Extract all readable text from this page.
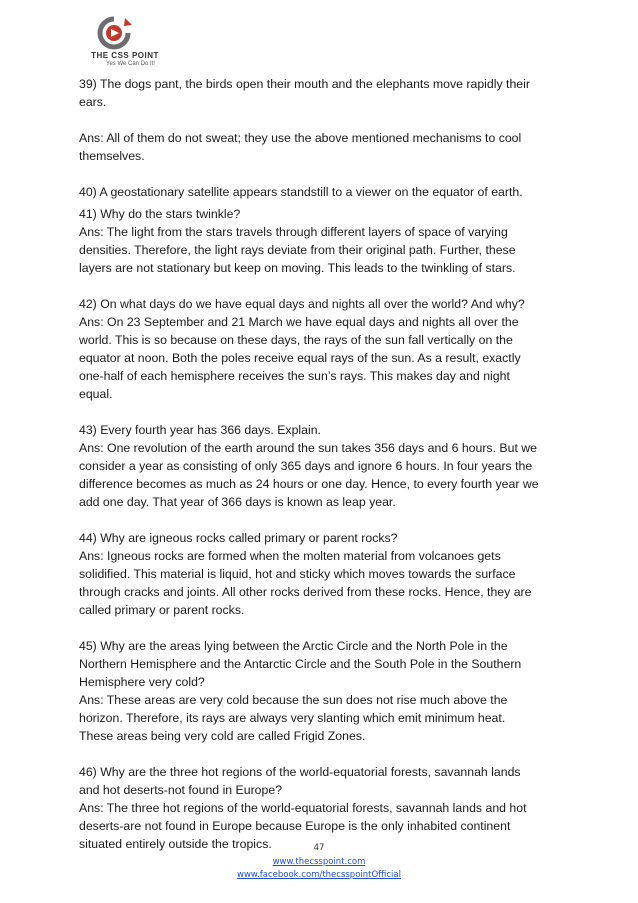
THE CSS POINT
Yes We Can Do It!
39) The dogs pant, the birds open their mouth and the elephants move rapidly their
ears.
Ans: All of them do not sweat; they use the above mentioned mechanisms to cool
themselves.
40) A geostationary satellite appears standstill to a viewer on the equator of earth.
41) Why do the stars twinkle?
Ans: The light from the stars travels through different layers of space of varying
densities. Therefore, the light rays deviate from their original path. Further, these
layers are not stationary but keep on moving. This leads to the twinkling of stars.
42) On what days do we have equal days and nights all over the world? And why?
Ans: On 23 September and 21 March we have equal days and nights all over the
world. This is so because on these days, the rays of the sun fall vertically on the
equator at noon. Both the poles receive equal rays of the sun. As a result, exactly
one-half of each hemisphere receives the sun’s rays. This makes day and night
equal.
43) Every fourth year has 366 days. Explain.
Ans: One revolution of the earth around the sun takes 356 days and 6 hours. But we
consider a year as consisting of only 365 days and ignore 6 hours. In four years the
difference becomes as much as 24 hours or one day. Hence, to every fourth year we
add one day. That year of 366 days is known as leap year.
44) Why are igneous rocks called primary or parent rocks?
Ans: Igneous rocks are formed when the molten material from volcanoes gets
solidified. This material is liquid, hot and sticky which moves towards the surface
through cracks and joints. All other rocks derived from these rocks. Hence, they are
called primary or parent rocks.
45) Why are the areas lying between the Arctic Circle and the North Pole in the
Northern Hemisphere and the Antarctic Circle and the South Pole in the Southern
Hemisphere very cold?
Ans: These areas are very cold because the sun does not rise much above the
horizon. Therefore, its rays are always very slanting which emit minimum heat.
These areas being very cold are called Frigid Zones.
46) Why are the three hot regions of the world-equatorial forests, savannah lands
and hot deserts-not found in Europe?
Ans: The three hot regions of the world-equatorial forests, savannah lands and hot
deserts-are not found in Europe because Europe is the only inhabited continent
situated entirely outside the tropics.	47
www.thecsspoint.com
www.facebook.com/thecsspointOfficial
